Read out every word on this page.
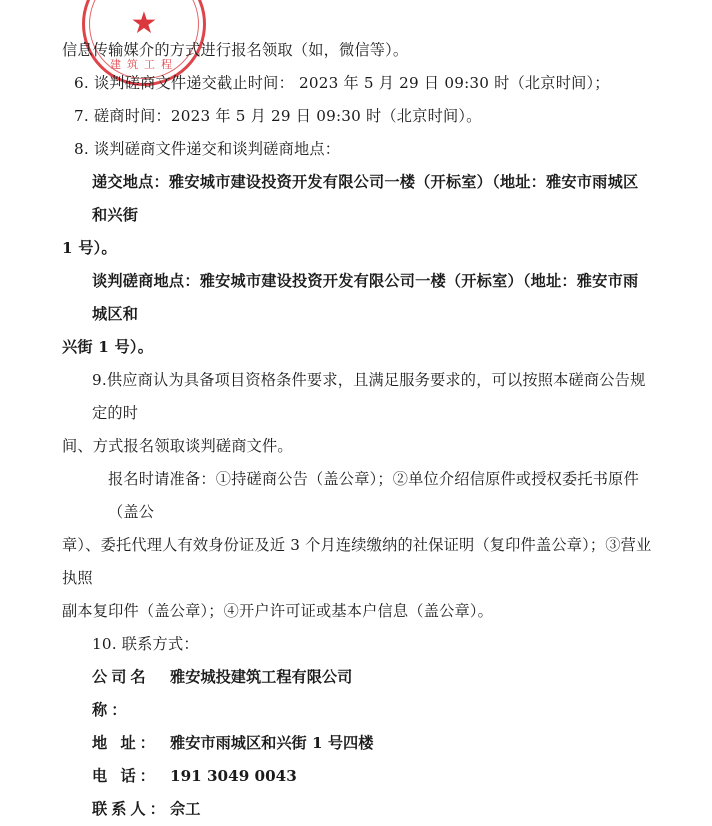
★
建筑工程
信息传输媒介的方式进行报名领取（如，微信等）。
6. 谈判磋商文件递交截止时间： 2023 年 5 月 29 日 09:30 时（北京时间）；
7. 磋商时间：2023 年 5 月 29 日 09:30 时（北京时间）。
8. 谈判磋商文件递交和谈判磋商地点：
递交地点：雅安城市建设投资开发有限公司一楼（开标室）（地址：雅安市雨城区和兴街
1 号）。
谈判磋商地点：雅安城市建设投资开发有限公司一楼（开标室）（地址：雅安市雨城区和
兴街 1 号）。
9.供应商认为具备项目资格条件要求，且满足服务要求的，可以按照本磋商公告规定的时
间、方式报名领取谈判磋商文件。
报名时请准备：①持磋商公告（盖公章）；②单位介绍信原件或授权委托书原件（盖公
章）、委托代理人有效身份证及近 3 个月连续缴纳的社保证明（复印件盖公章）；③营业执照
副本复印件（盖公章）；④开户许可证或基本户信息（盖公章）。
10. 联系方式：
公司名称：
雅安城投建筑工程有限公司
地 址： 雅安市雨城区和兴街 1 号四楼
电 话： 191 3049 0043
联系人： 佘工
